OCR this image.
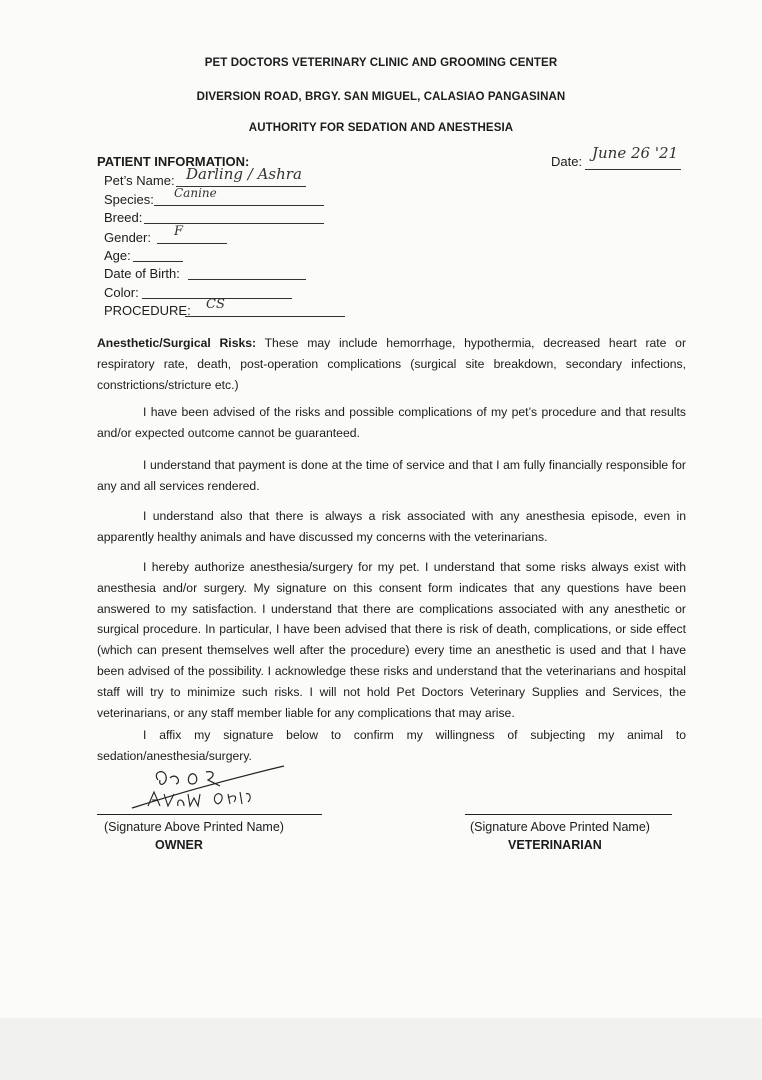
PET DOCTORS VETERINARY CLINIC AND GROOMING CENTER
DIVERSION ROAD, BRGY. SAN MIGUEL, CALASIAO PANGASINAN
AUTHORITY FOR SEDATION AND ANESTHESIA
PATIENT INFORMATION:	Date: June 26 '21
Pet’s Name: Darling / Ashra
Species: Canine
Breed:
Gender: F
Age:
Date of Birth:
Color:
PROCEDURE: CS
Anesthetic/Surgical Risks: These may include hemorrhage, hypothermia, decreased heart rate or respiratory rate, death, post-operation complications (surgical site breakdown, secondary infections, constrictions/stricture etc.)
I have been advised of the risks and possible complications of my pet’s procedure and that results and/or expected outcome cannot be guaranteed.
I understand that payment is done at the time of service and that I am fully financially responsible for any and all services rendered.
I understand also that there is always a risk associated with any anesthesia episode, even in apparently healthy animals and have discussed my concerns with the veterinarians.
I hereby authorize anesthesia/surgery for my pet. I understand that some risks always exist with anesthesia and/or surgery. My signature on this consent form indicates that any questions have been answered to my satisfaction. I understand that there are complications associated with any anesthetic or surgical procedure. In particular, I have been advised that there is risk of death, complications, or side effect (which can present themselves well after the procedure) every time an anesthetic is used and that I have been advised of the possibility. I acknowledge these risks and understand that the veterinarians and hospital staff will try to minimize such risks. I will not hold Pet Doctors Veterinary Supplies and Services, the veterinarians, or any staff member liable for any complications that may arise.
I affix my signature below to confirm my willingness of subjecting my animal to sedation/anesthesia/surgery.
(Signature Above Printed Name)
OWNER
(Signature Above Printed Name)
VETERINARIAN
